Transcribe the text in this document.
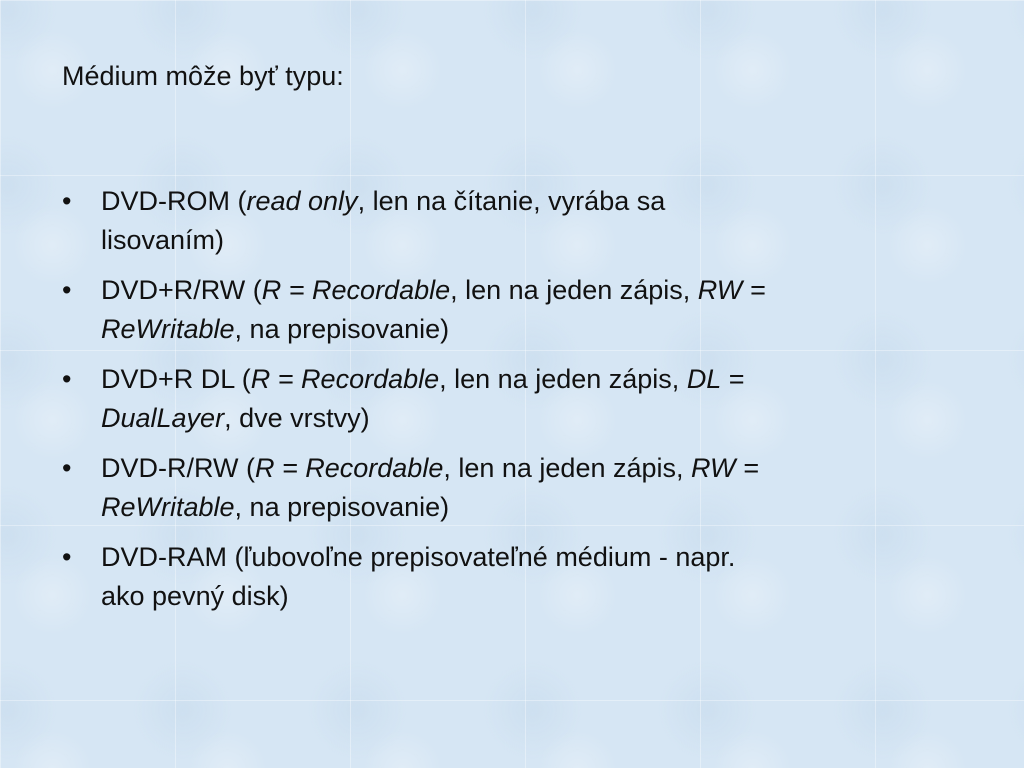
Médium môže byť typu:
•	DVD-ROM (read only, len na čítanie, vyrába sa
lisovaním)
•	DVD+R/RW (R = Recordable, len na jeden zápis, RW =
ReWritable, na prepisovanie)
•	DVD+R DL (R = Recordable, len na jeden zápis, DL =
DualLayer, dve vrstvy)
•	DVD-R/RW (R = Recordable, len na jeden zápis, RW =
ReWritable, na prepisovanie)
•	DVD-RAM (ľubovoľne prepisovateľné médium - napr.
ako pevný disk)
